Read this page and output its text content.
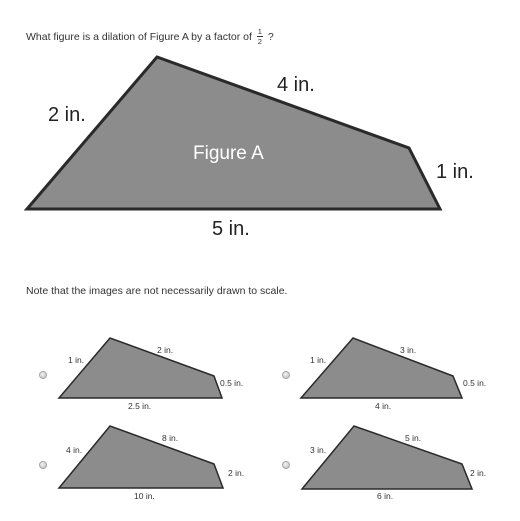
What figure is a dilation of Figure A by a factor of $\frac{1}{2}$ ?
2 in.
4 in.
1 in.
5 in.
Figure A
Note that the images are not necessarily drawn to scale.
1 in.
2 in.
0.5 in.
2.5 in.
1 in.
3 in.
0.5 in.
4 in.
4 in.
8 in.
2 in.
10 in.
3 in.
5 in.
2 in.
6 in.
